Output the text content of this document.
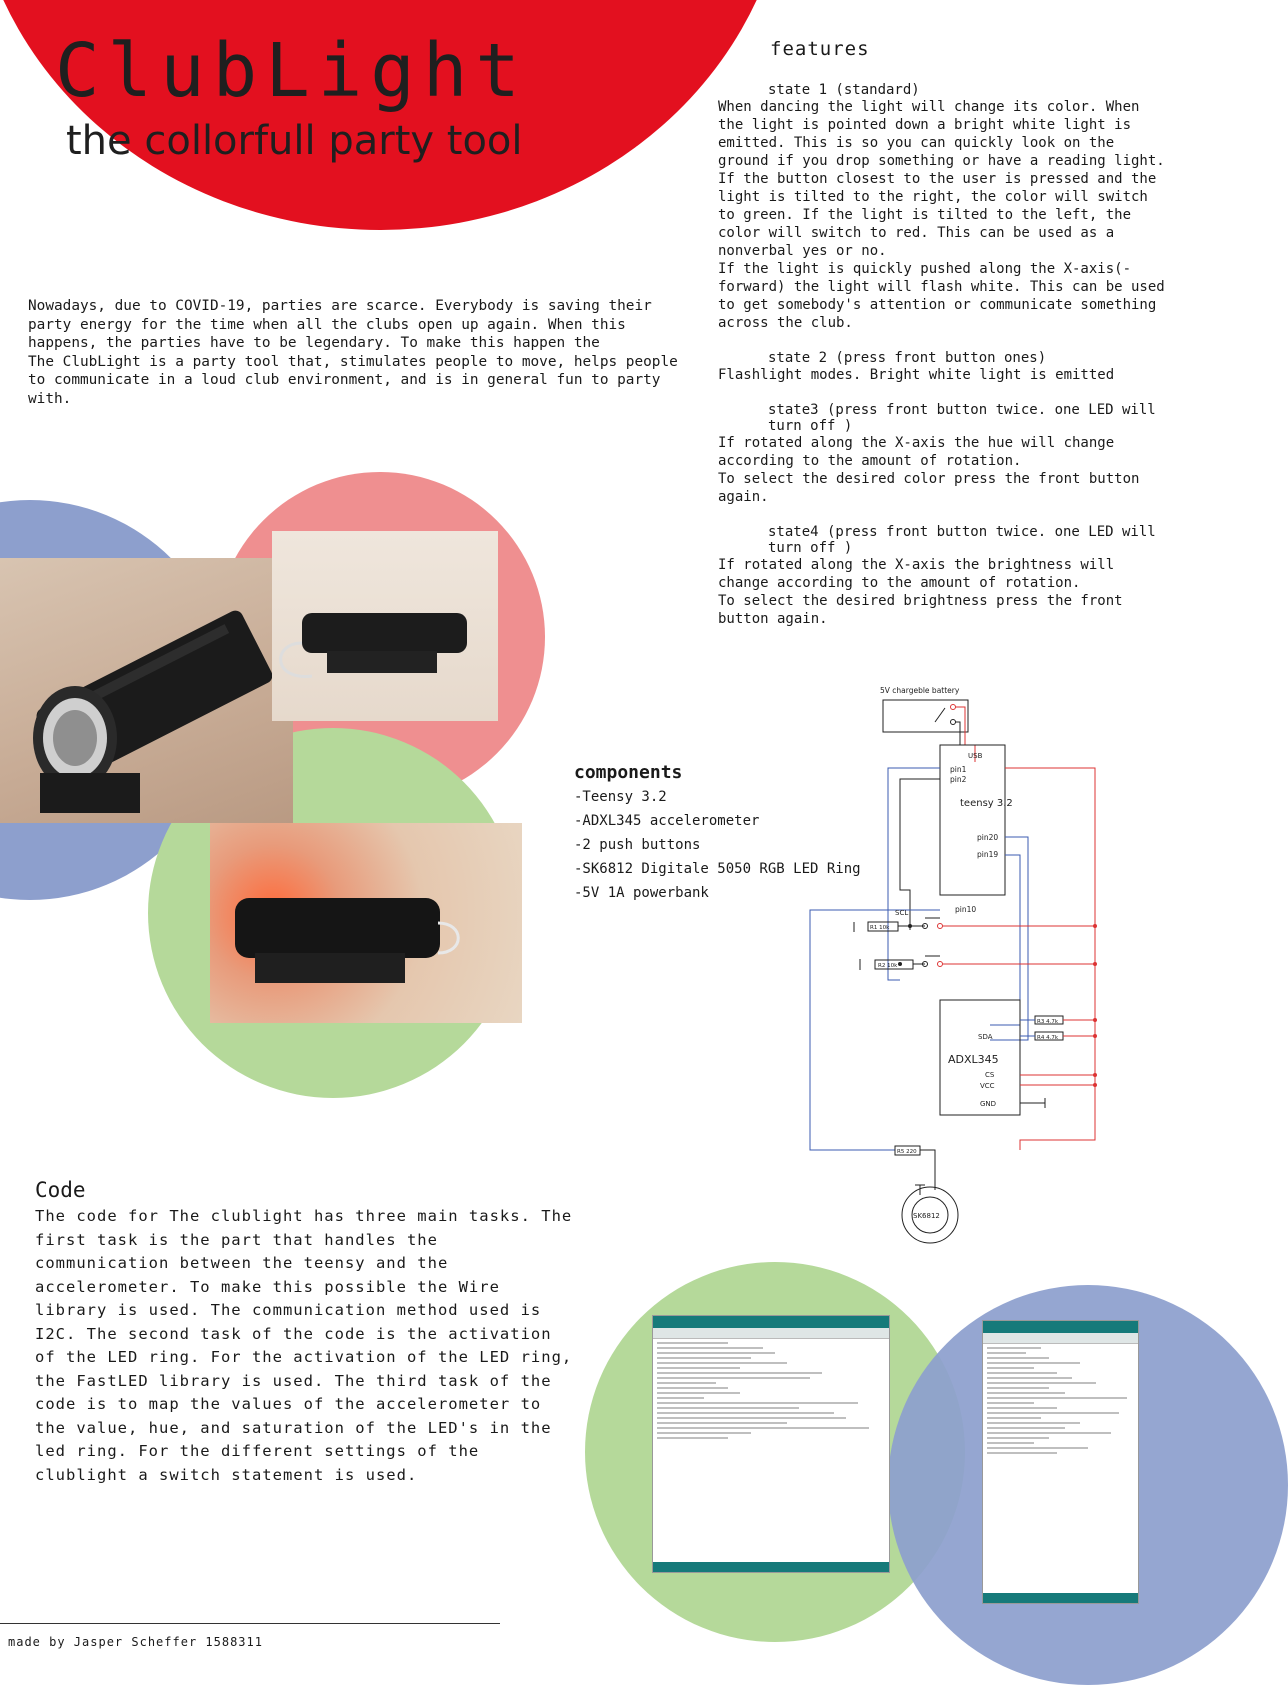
ClubLight
the collorfull party tool
Nowadays, due to COVID-19, parties are scarce. Everybody is saving their party energy for the time when all the clubs open up again. When this happens, the parties have to be legendary. To make this happen the
The ClubLight is a party tool that, stimulates people to move, helps people to communicate in a loud club environment, and is in general fun to party with.
features
state 1 (standard)
When dancing the light will change its color. When the light is pointed down a bright white light is emitted. This is so you can quickly look on the ground if you drop something or have a reading light.
If the button closest to the user is pressed and the light is tilted to the right, the color will switch to green. If the light is tilted to the left, the color will switch to red. This can be used as a nonverbal yes or no.
If the light is quickly pushed along the X-axis(-forward) the light will flash white. This can be used to get somebody's attention or communicate something across the club.
state 2 (press front button ones)
Flashlight modes. Bright white light is emitted
state3 (press front button twice. one LED will turn off )
If rotated along the X-axis the hue will change according to the amount of rotation.
To select the desired color press the front button again.
state4 (press front button twice. one LED will turn off )
If rotated along the X-axis the brightness will change according to the amount of rotation.
To select the desired brightness press the front button again.
components
-Teensy 3.2
-ADXL345 accelerometer
-2 push buttons
-SK6812 Digitale 5050 RGB LED Ring
-5V 1A powerbank
5V chargeble battery
USB
pin1
pin2
teensy 3.2
pin20
pin19
pin10
SCL
R1 10k
R2 10k
SDA
ADXL345
CS
VCC
GND
R3 4.7k
R4 4.7k
R5 220
SK6812
Code
The code for The clublight has three main tasks. The first task is the part that handles the communication between the teensy and the accelerometer. To make this possible the Wire library is used. The communication method used is I2C. The second task of the code is the activation of the LED ring. For the activation of the LED ring, the FastLED library is used. The third task of the code is to map the values of the accelerometer to the value, hue, and saturation of the LED's in the led ring. For the different settings of the clublight a switch statement is used.
made by Jasper Scheffer 1588311
